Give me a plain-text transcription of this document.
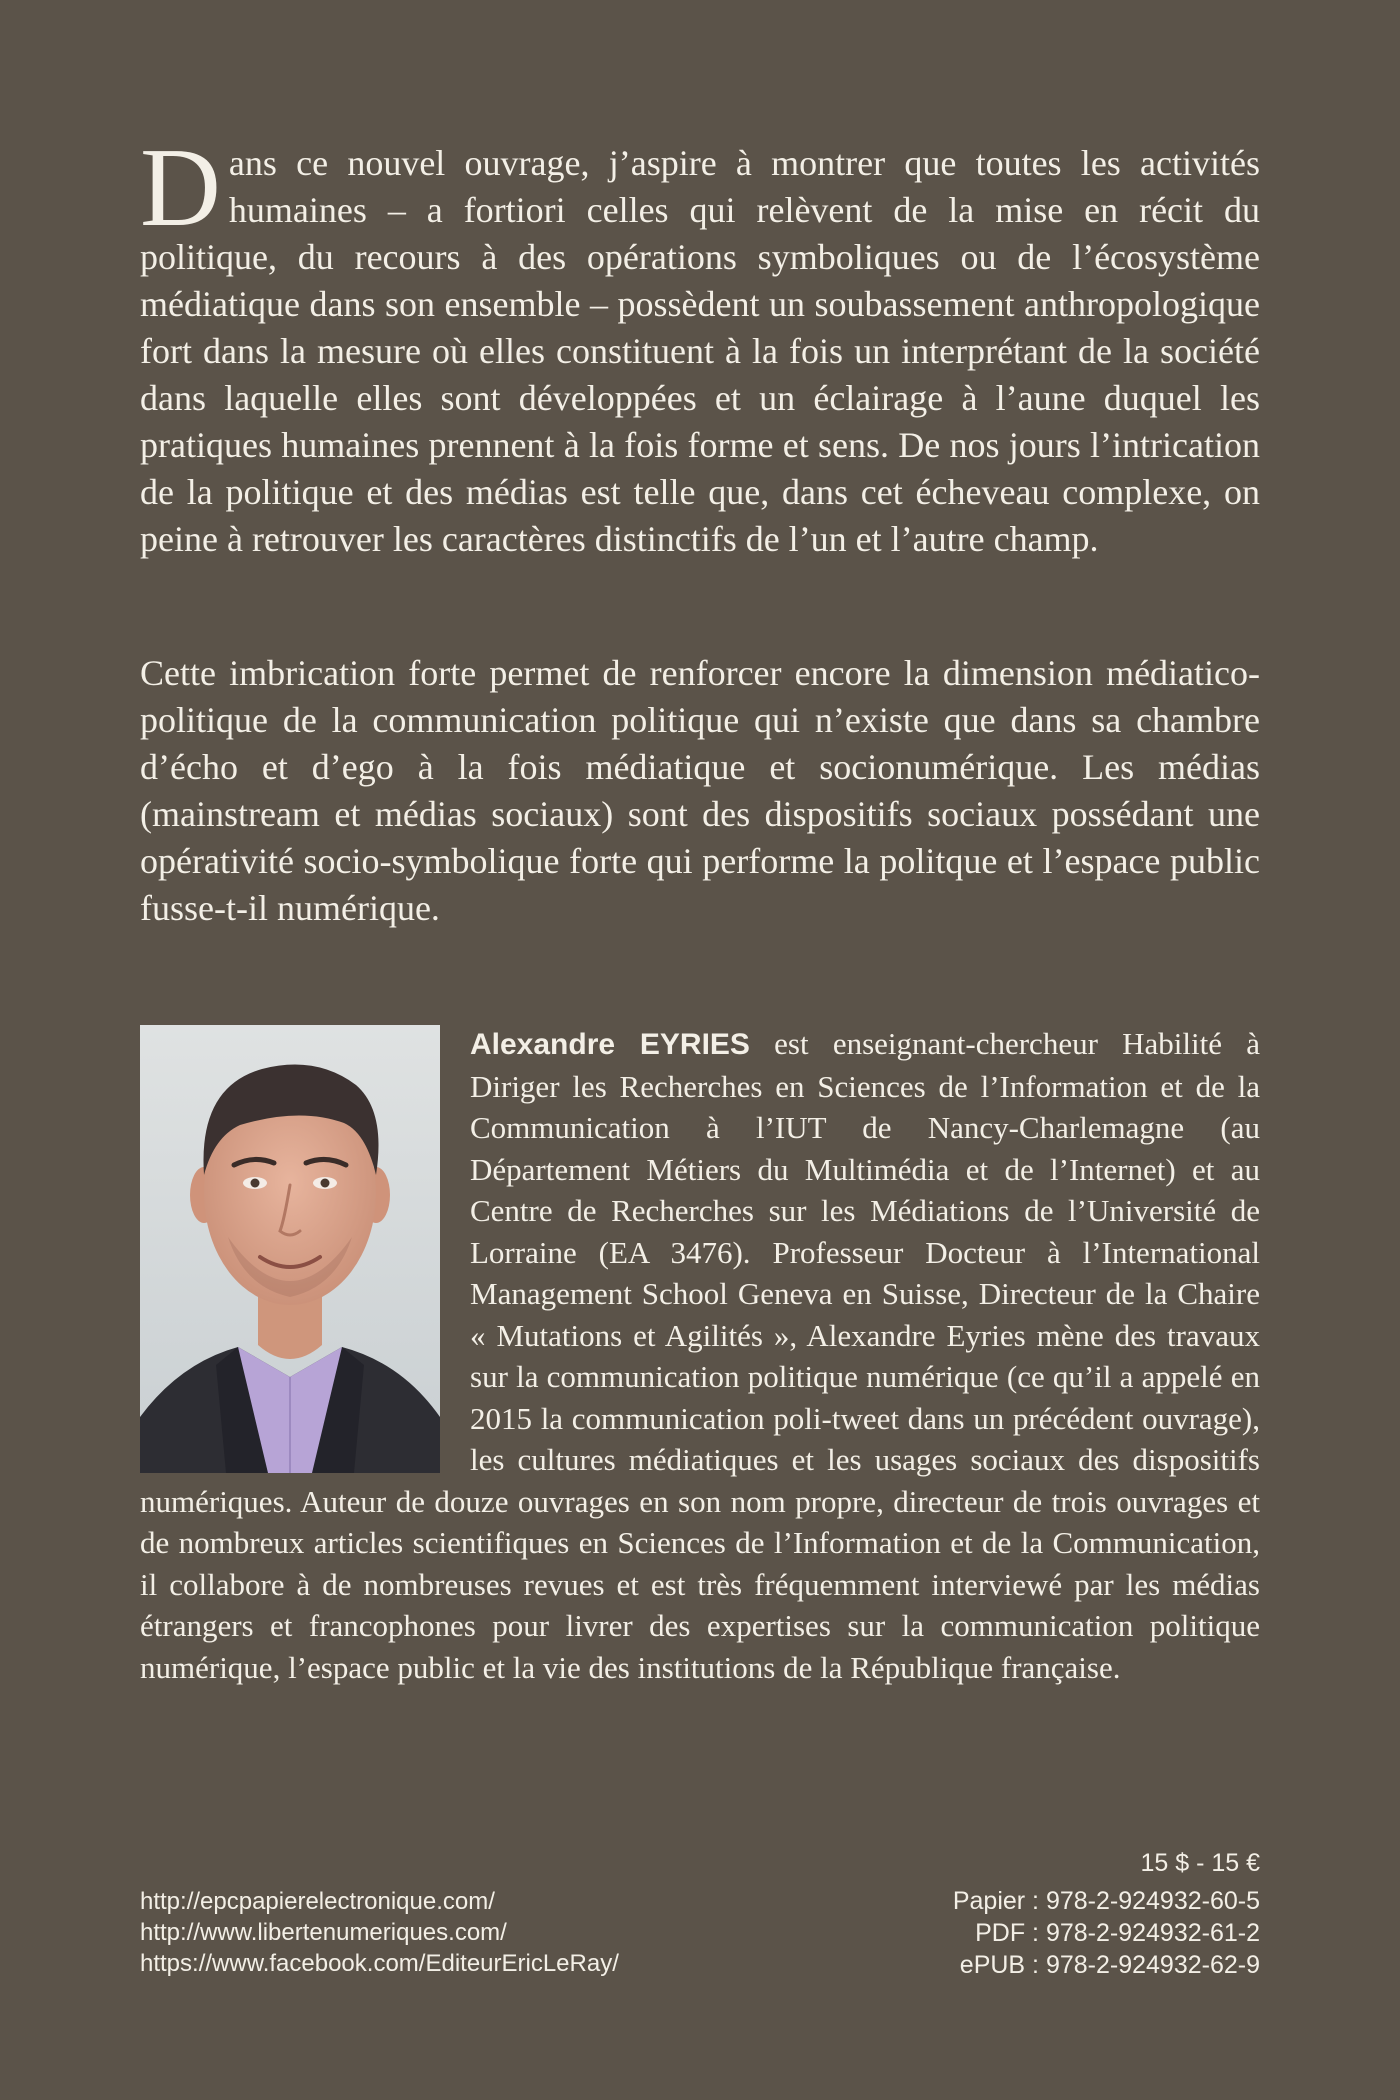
Dans ce nouvel ouvrage, j’aspire à montrer que toutes les activités humaines – a fortiori celles qui relèvent de la mise en récit du politique, du recours à des opérations symboliques ou de l’écosystème médiatique dans son ensemble – possèdent un soubassement anthropologique fort dans la mesure où elles constituent à la fois un interprétant de la société dans laquelle elles sont développées et un éclairage à l’aune duquel les pratiques humaines prennent à la fois forme et sens. De nos jours l’intrication de la politique et des médias est telle que, dans cet écheveau complexe, on peine à retrouver les caractères distinctifs de l’un et l’autre champ.

Cette imbrication forte permet de renforcer encore la dimension médiatico-politique de la communication politique qui n’existe que dans sa chambre d’écho et d’ego à la fois médiatique et socionumérique. Les médias (mainstream et médias sociaux) sont des dispositifs sociaux possédant une opérativité socio-symbolique forte qui performe la politque et l’espace public fusse-t-il numérique.

Alexandre EYRIES est enseignant-chercheur Habilité à Diriger les Recherches en Sciences de l’Information et de la Communication à l’IUT de Nancy-Charlemagne (au Département Métiers du Multimédia et de l’Internet) et au Centre de Recherches sur les Médiations de l’Université de Lorraine (EA 3476). Professeur Docteur à l’International Management School Geneva en Suisse, Directeur de la Chaire « Mutations et Agilités », Alexandre Eyries mène des travaux sur la communication politique numérique (ce qu’il a appelé en 2015 la communication poli-tweet dans un précédent ouvrage), les cultures médiatiques et les usages sociaux des dispositifs numériques. Auteur de douze ouvrages en son nom propre, directeur de trois ouvrages et de nombreux articles scientifiques en Sciences de l’Information et de la Communication, il collabore à de nombreuses revues et est très fréquemment interviewé par les médias étrangers et francophones pour livrer des expertises sur la communication politique numérique, l’espace public et la vie des institutions de la République française.
http://epcpapierelectronique.com/
http://www.libertenumeriques.com/
https://www.facebook.com/EditeurEricLeRay/
15 $ - 15 €
Papier : 978-2-924932-60-5
PDF : 978-2-924932-61-2
ePUB : 978-2-924932-62-9
